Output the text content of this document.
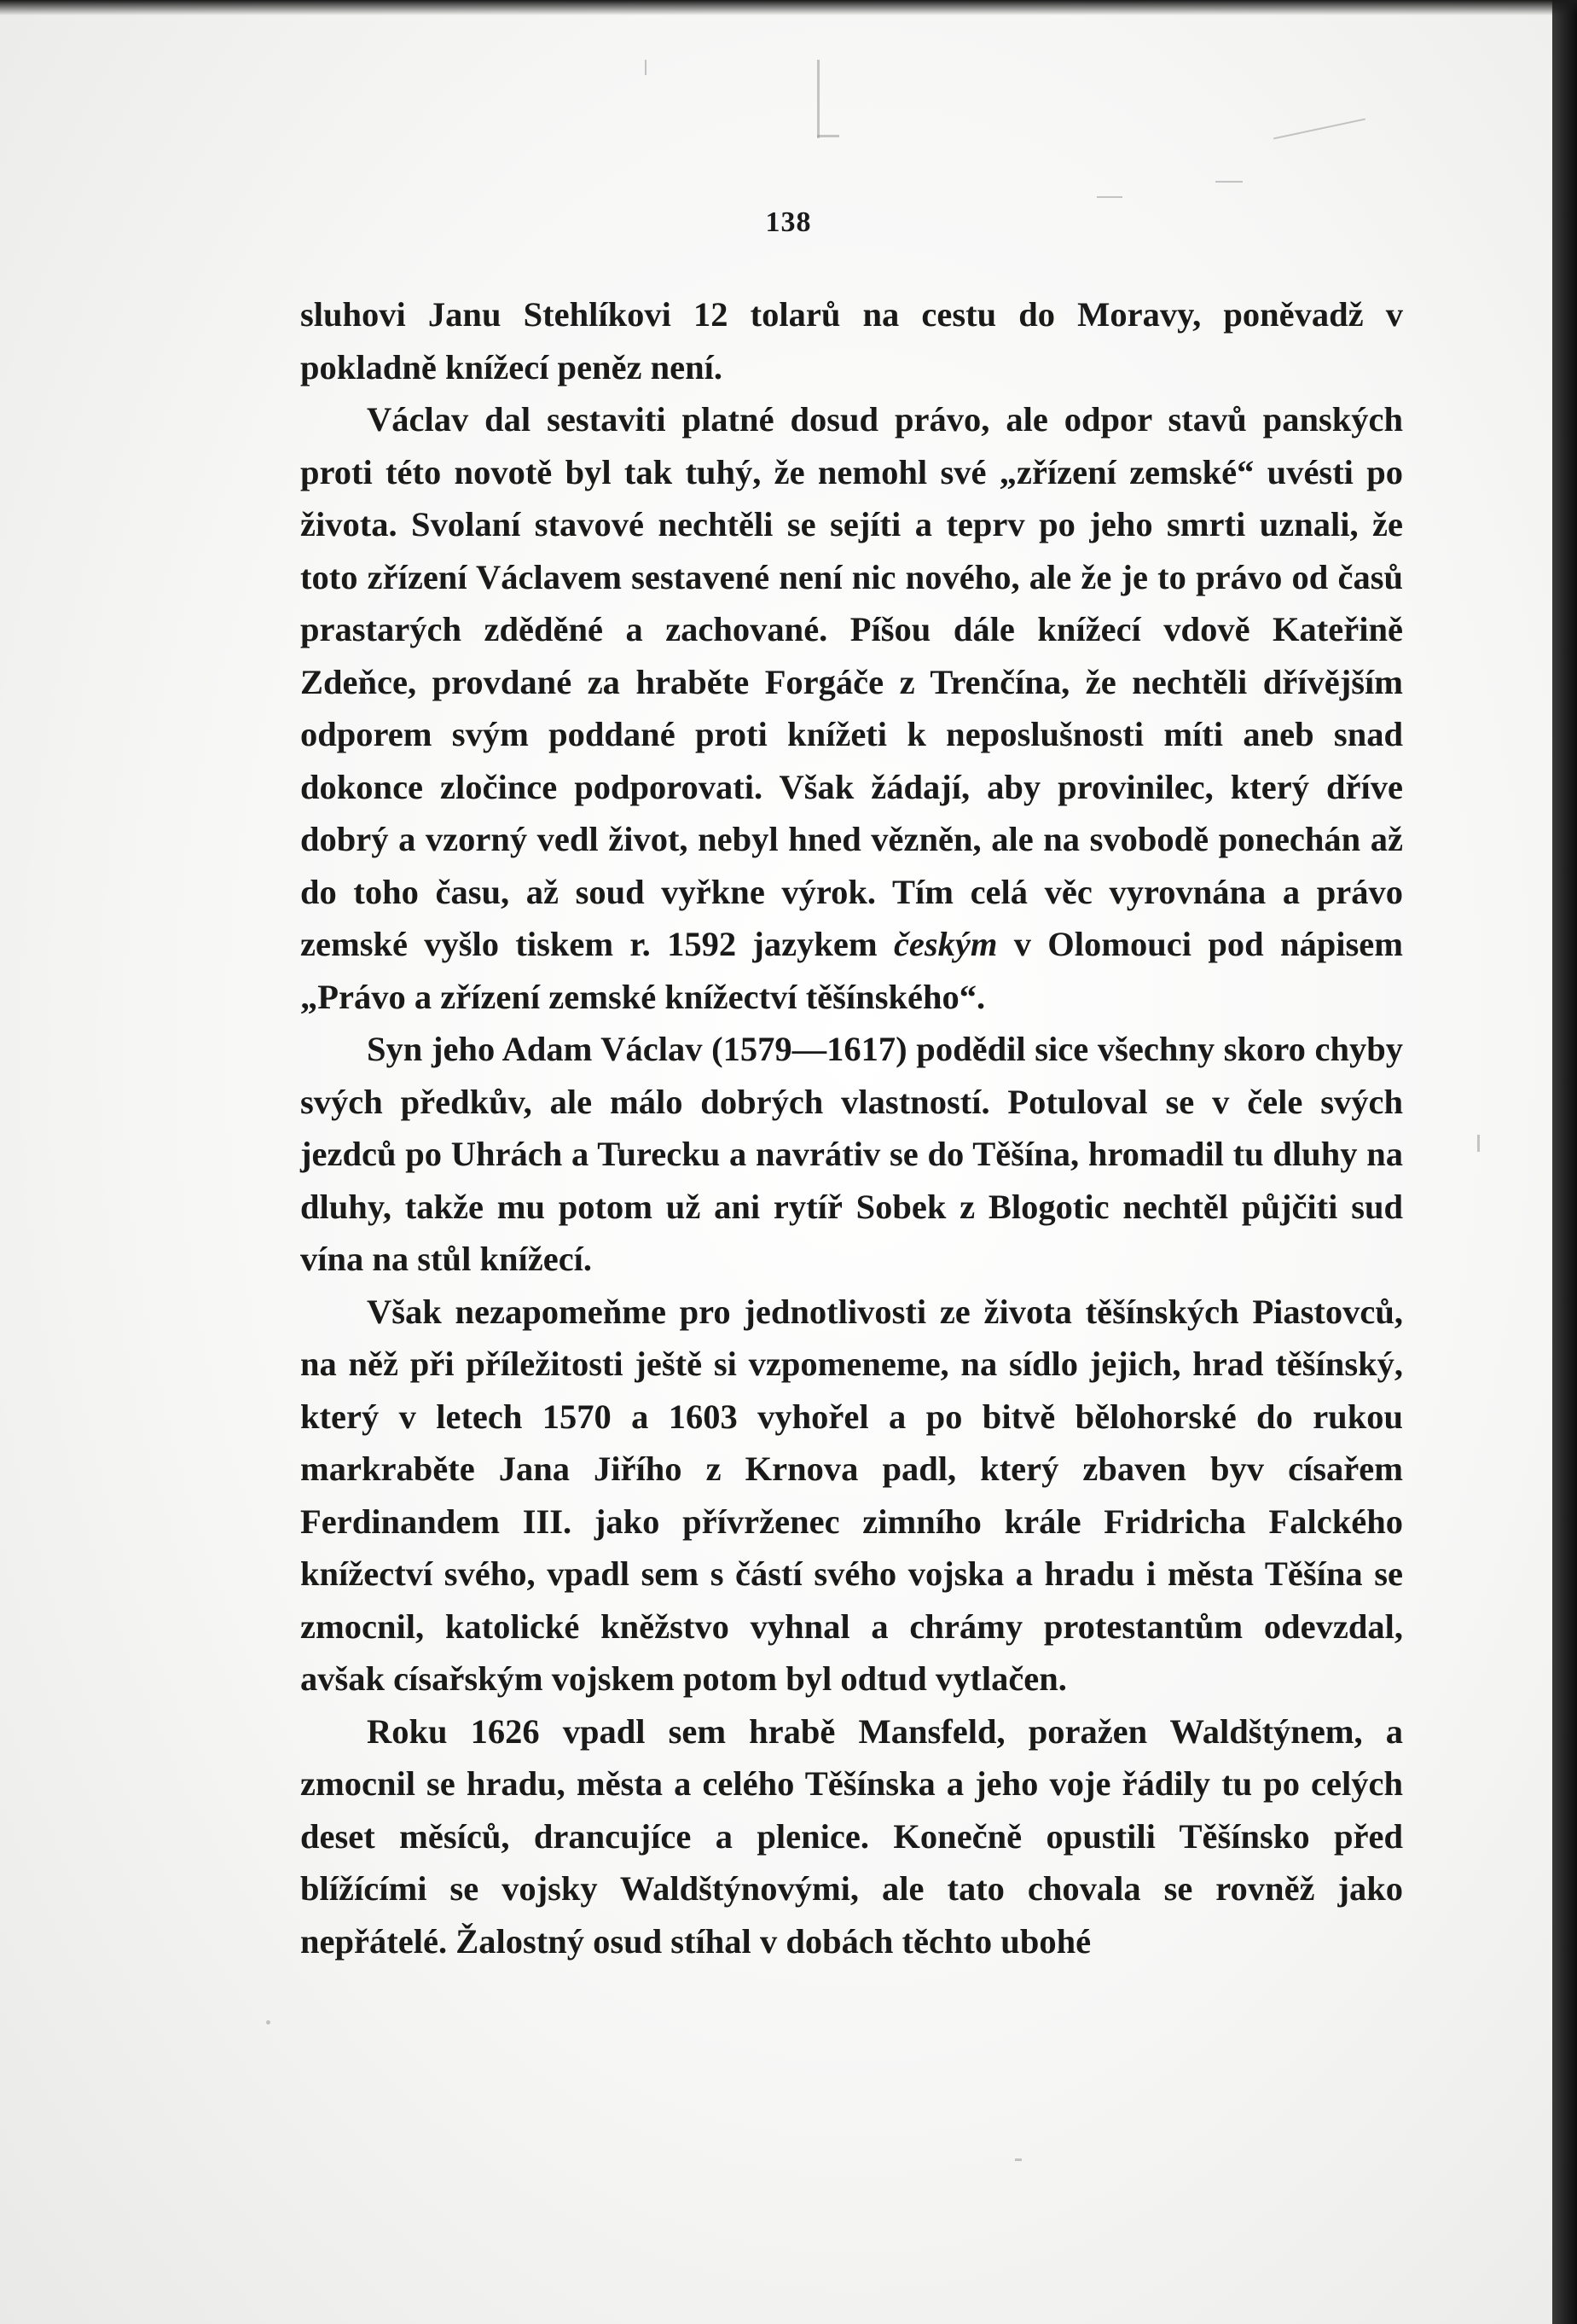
138

sluhovi Janu Stehlíkovi 12 tolarů na cestu do Moravy, poněvadž v pokladně knížecí peněz není.

Václav dal sestaviti platné dosud právo, ale odpor stavů panských proti této novotě byl tak tuhý, že nemohl své „zřízení zemské“ uvésti po života. Svolaní stavové nechtěli se sejíti a teprv po jeho smrti uznali, že toto zřízení Václavem sestavené není nic nového, ale že je to právo od časů prastarých zděděné a zachované. Píšou dále knížecí vdově Kateřině Zdeňce, provdané za hraběte Forgáče z Trenčína, že nechtěli dřívějším odporem svým poddané proti knížeti k neposlušnosti míti aneb snad dokonce zločince podporovati. Však žádají, aby provinilec, který dříve dobrý a vzorný vedl život, nebyl hned vězněn, ale na svobodě ponechán až do toho času, až soud vyřkne výrok. Tím celá věc vyrovnána a právo zemské vyšlo tiskem r. 1592 jazykem českým v Olomouci pod nápisem „Právo a zřízení zemské knížectví těšínského“.

Syn jeho Adam Václav (1579—1617) podědil sice všechny skoro chyby svých předkův, ale málo dobrých vlastností. Potuloval se v čele svých jezdců po Uhrách a Turecku a navrátiv se do Těšína, hromadil tu dluhy na dluhy, takže mu potom už ani rytíř Sobek z Blogotic nechtěl půjčiti sud vína na stůl knížecí.

Však nezapomeňme pro jednotlivosti ze života těšínských Piastovců, na něž při příležitosti ještě si vzpomeneme, na sídlo jejich, hrad těšínský, který v letech 1570 a 1603 vyhořel a po bitvě bělohorské do rukou markraběte Jana Jiřího z Krnova padl, který zbaven byv císařem Ferdinandem III. jako přívrženec zimního krále Fridricha Falckého knížectví svého, vpadl sem s částí svého vojska a hradu i města Těšína se zmocnil, katolické kněžstvo vyhnal a chrámy protestantům odevzdal, avšak císařským vojskem potom byl odtud vytlačen.

Roku 1626 vpadl sem hrabě Mansfeld, poražen Waldštýnem, a zmocnil se hradu, města a celého Těšínska a jeho voje řádily tu po celých deset měsíců, drancujíce a plenice. Konečně opustili Těšínsko před blížícími se vojsky Waldštýnovými, ale tato chovala se rovněž jako nepřátelé. Žalostný osud stíhal v dobách těchto ubohé
